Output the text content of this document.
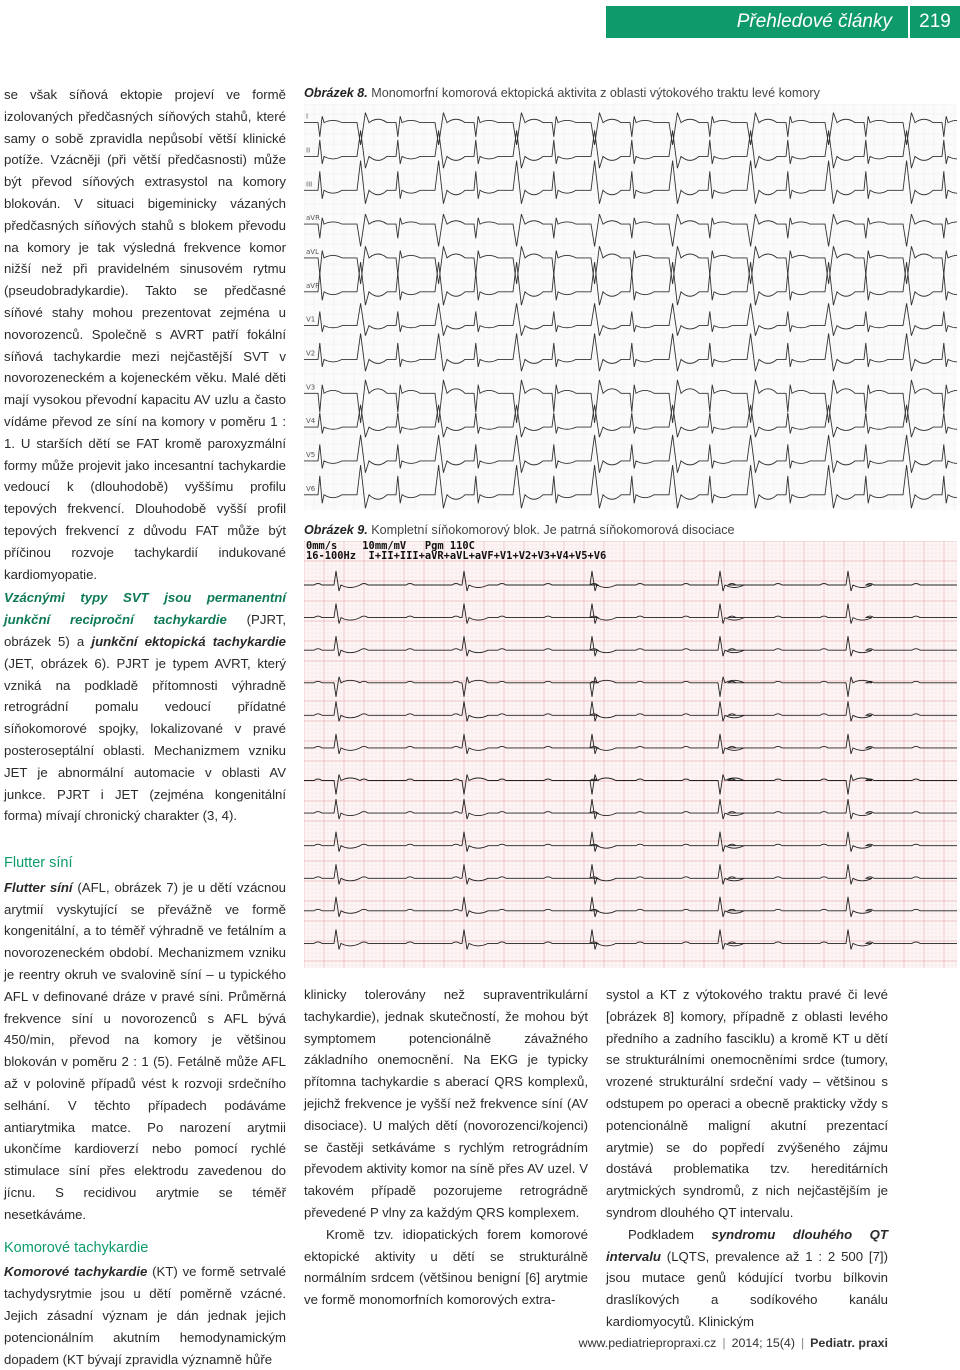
Přehledové články	219

se však síňová ektopie projeví ve formě izolovaných předčasných síňových stahů, které samy o sobě zpravidla nepůsobí větší klinické potíže. Vzácněji (při větší předčasnosti) může být převod síňových extrasystol na komory blokován. V situaci bigeminicky vázaných předčasných síňových stahů s blokem převodu na komory je tak výsledná frekvence komor nižší než při pravidelném sinusovém rytmu (pseudobradykardie). Takto se předčasné síňové stahy mohou prezentovat zejména u novorozenců. Společně s AVRT patří fokální síňová tachykardie mezi nejčastější SVT v novorozeneckém a kojeneckém věku. Malé děti mají vysokou převodní kapacitu AV uzlu a často vídáme převod ze síní na komory v poměru 1 : 1. U starších dětí se FAT kromě paroxyzmální formy může projevit jako incesantní tachykardie vedoucí k (dlouhodobě) vyššímu profilu tepových frekvencí. Dlouhodobě vyšší profil tepových frekvencí z důvodu FAT může být příčinou rozvoje tachykardií indukované kardiomyopatie.

Vzácnými typy SVT jsou permanentní junkční reciproční tachykardie (PJRT, obrázek 5) a junkční ektopická tachykardie (JET, obrázek 6). PJRT je typem AVRT, který vzniká na podkladě přítomnosti výhradně retrográdní pomalu vedoucí přídatné síňokomorové spojky, lokalizované v pravé posteroseptální oblasti. Mechanizmem vzniku JET je abnormální automacie v oblasti AV junkce. PJRT i JET (zejména kongenitální forma) mívají chronický charakter (3, 4).

Flutter síní

Flutter síní (AFL, obrázek 7) je u dětí vzácnou arytmií vyskytující se převážně ve formě kongenitální, a to téměř výhradně ve fetálním a novorozeneckém období. Mechanizmem vzniku je reentry okruh ve svalovině síní – u typického AFL v definované dráze v pravé síni. Průměrná frekvence síní u novorozenců s AFL bývá 450/min, převod na komory je většinou blokován v poměru 2 : 1 (5). Fetálně může AFL až v polovině případů vést k rozvoji srdečního selhání. V těchto případech podáváme antiarytmika matce. Po narození arytmii ukončíme kardioverzí nebo pomocí rychlé stimulace síní přes elektrodu zavedenou do jícnu. S recidivou arytmie se téměř nesetkáváme.

Komorové tachykardie

Komorové tachykardie (KT) ve formě setrvalé tachydysrytmie jsou u dětí poměrně vzácné. Jejich zásadní význam je dán jednak jejich potencionálním akutním hemodynamickým dopadem (KT bývají zpravidla významně hůře

Obrázek 8. Monomorfní komorová ektopická aktivita z oblasti výtokového traktu levé komory
I
II
III
aVR
aVL
aVF
V1
V2
V3
V4
V5
V6
Obrázek 9. Kompletní síňokomorový blok. Je patrná síňokomorová disociace
0mm/s    10mm/mV   Pgm 110C
16-100Hz  I+II+III+aVR+aVL+aVF+V1+V2+V3+V4+V5+V6

klinicky tolerovány než supraventrikulární tachykardie), jednak skutečností, že mohou být symptomem potencionálně závažného základního onemocnění. Na EKG je typicky přítomna tachykardie s aberací QRS komplexů, jejichž frekvence je vyšší než frekvence síní (AV disociace). U malých dětí (novorozenci/kojenci) se častěji setkáváme s rychlým retrográdním převodem aktivity komor na síně přes AV uzel. V takovém případě pozorujeme retrográdně převedené P vlny za každým QRS komplexem.

Kromě tzv. idiopatických forem komorové ektopické aktivity u dětí se strukturálně normálním srdcem (většinou benigní [6] arytmie ve formě monomorfních komorových extra-

systol a KT z výtokového traktu pravé či levé [obrázek 8] komory, případně z oblasti levého předního a zadního fasciklu) a kromě KT u dětí se strukturálními onemocněními srdce (tumory, vrozené strukturální srdeční vady – většinou s odstupem po operaci a obecně prakticky vždy s potencionálně maligní akutní prezentací arytmie) se do popředí zvýšeného zájmu dostává problematika tzv. hereditárních arytmických syndromů, z nich nejčastějším je syndrom dlouhého QT intervalu.

Podkladem syndromu dlouhého QT intervalu (LQTS, prevalence až 1 : 2 500 [7]) jsou mutace genů kódující tvorbu bílkovin draslíkových a sodíkového kanálu kardiomyocytů. Klinickým

www.pediatriepropraxi.cz | 2014; 15(4) | Pediatr. praxi
